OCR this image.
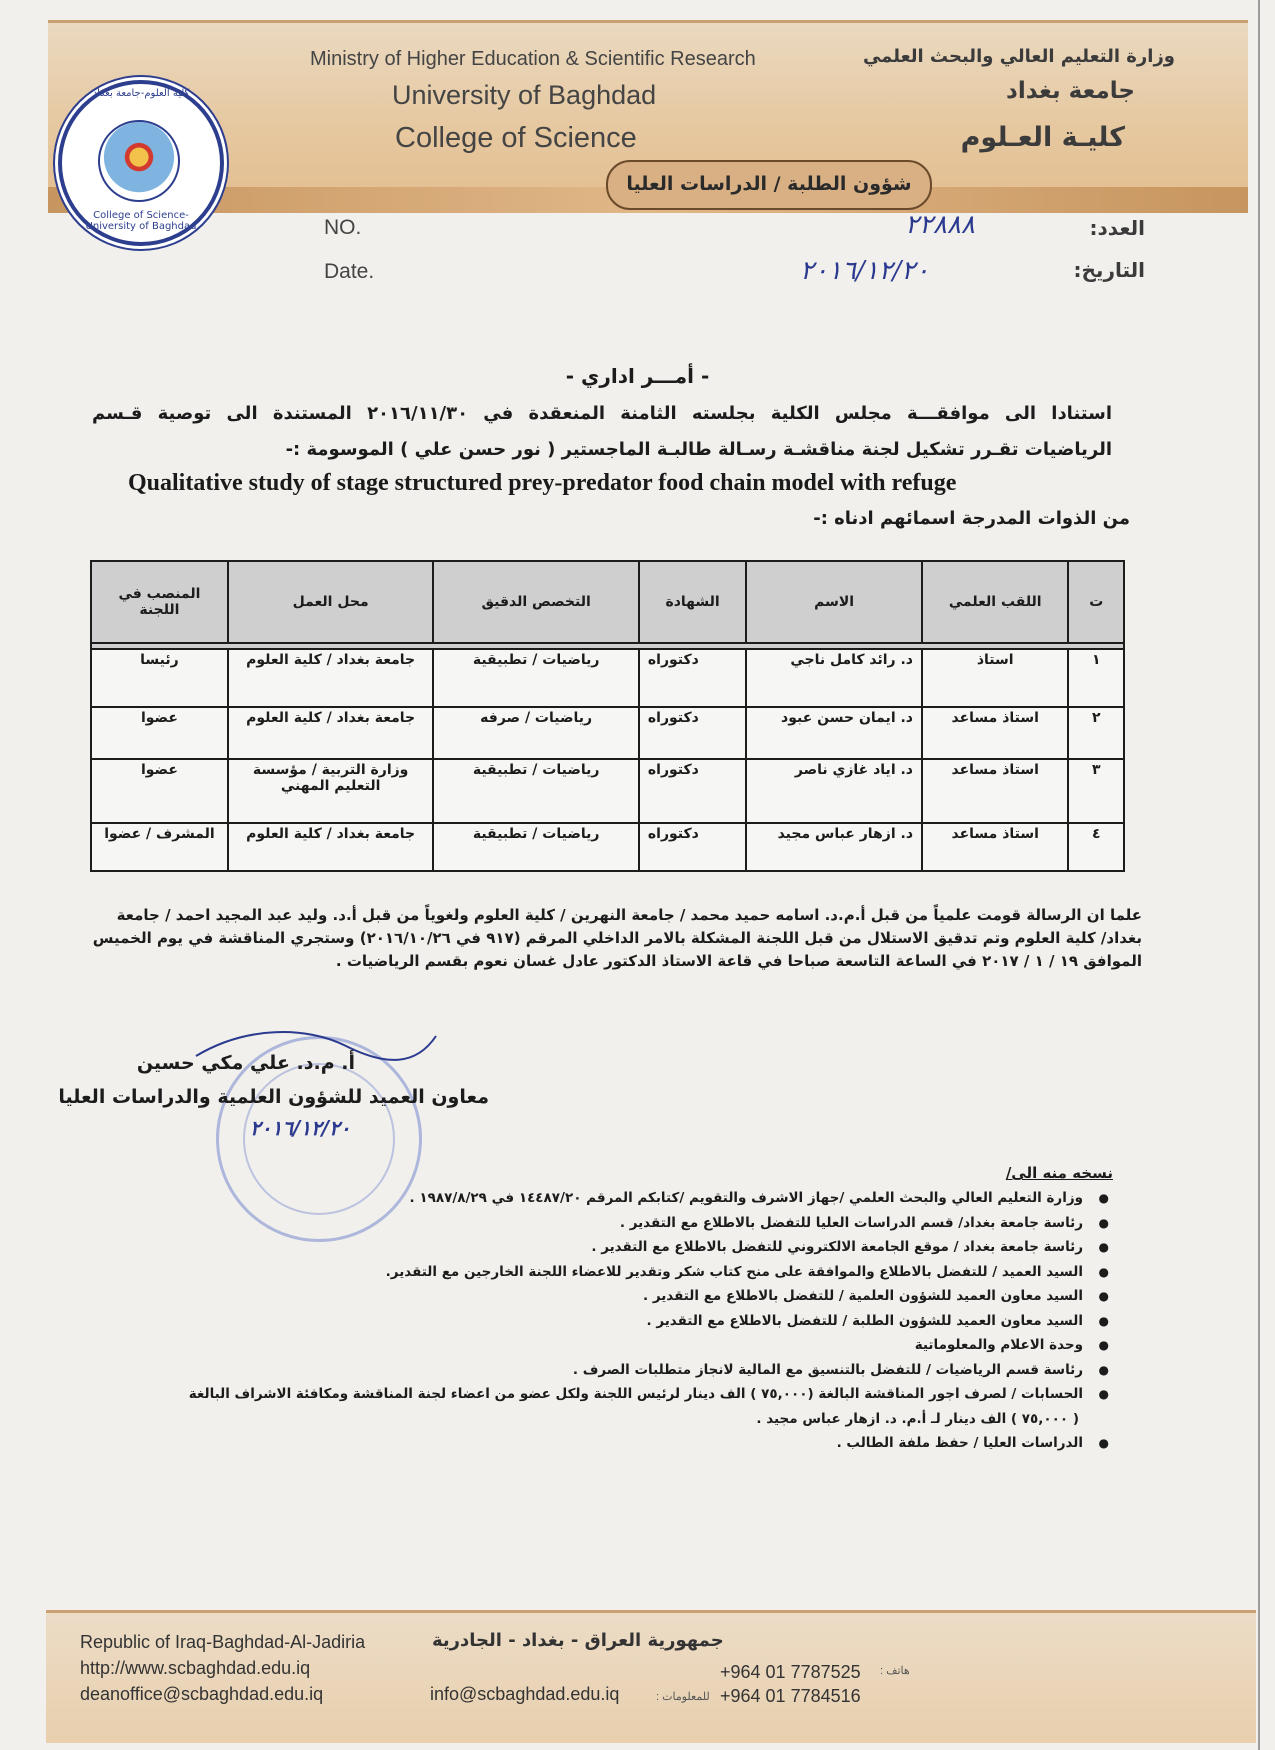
كلية العلوم-جامعة بغداد
College of Science-University of Baghdad
Ministry of Higher Education & Scientific Research
University of Baghdad
College of Science
وزارة التعليم العالي والبحث العلمي
جامعة بغداد
كليـة العـلوم
شؤون الطلبة / الدراسات العليا
NO.
Date.
العدد:
التاريخ:
٢٢٨٨٨
٢٠١٦/١٢/٢٠
- أمـــر اداري -
استنادا الى موافقـــة مجلس الكلية بجلسته الثامنة المنعقدة في ٢٠١٦/١١/٣٠ المستندة الى توصية قـسم
الرياضيات تقـرر تشكيل لجنة مناقشـة رسـالة طالبـة الماجستير ( نور حسن علي ) الموسومة :-
Qualitative study of stage structured prey-predator food chain model with refuge
من الذوات المدرجة اسمائهم ادناه :-
ت	اللقب العلمي	الاسم	الشهادة	التخصص الدقيق	محل العمل	المنصب في اللجنة

١	استاذ	د. رائد كامل ناجي	دكتوراه	رياضيات / تطبيقية	جامعة بغداد / كلية العلوم	رئيسا
٢	استاذ مساعد	د. ايمان حسن عبود	دكتوراه	رياضيات / صرفه	جامعة بغداد / كلية العلوم	عضوا
٣	استاذ مساعد	د. اياد غازي ناصر	دكتوراه	رياضيات / تطبيقية	وزارة التربية / مؤسسة التعليم المهني	عضوا
٤	استاذ مساعد	د. ازهار عباس مجيد	دكتوراه	رياضيات / تطبيقية	جامعة بغداد / كلية العلوم	المشرف / عضوا
علما ان الرسالة قومت علمياً من قبل أ.م.د. اسامه حميد محمد / جامعة النهرين / كلية العلوم ولغوياً من قبل أ.د. وليد عبد المجيد احمد / جامعة بغداد/ كلية العلوم وتم تدقيق الاستلال من قبل اللجنة المشكلة بالامر الداخلي المرقم (٩١٧ في ٢٠١٦/١٠/٢٦) وستجري المناقشة في يوم الخميس الموافق ١٩ / ١ / ٢٠١٧ في الساعة التاسعة صباحا في قاعة الاستاذ الدكتور عادل غسان نعوم بقسم الرياضيات .
أ. م.د. علي مكي حسين
معاون العميد للشؤون العلمية والدراسات العليا
٢٠١٦/١٢/٢٠
نسخه منه الى/
●
وزارة التعليم العالي والبحث العلمي /جهاز الاشرف والتقويم /كتابكم المرقم ١٤٤٨٧/٢٠ في ١٩٨٧/٨/٢٩ .
●
رئاسة جامعة بغداد/ قسم الدراسات العليا للتفضل بالاطلاع مع التقدير .
●
رئاسة جامعة بغداد / موقع الجامعة الالكتروني للتفضل بالاطلاع مع التقدير .
●
السيد العميد / للتفضل بالاطلاع والموافقة على منح كتاب شكر وتقدير للاعضاء اللجنة الخارجين مع التقدير.
●
السيد معاون العميد للشؤون العلمية / للتفضل بالاطلاع مع التقدير .
●
السيد معاون العميد للشؤون الطلبة / للتفضل بالاطلاع مع التقدير .
●
وحدة الاعلام والمعلوماتية
●
رئاسة قسم الرياضيات / للتفضل بالتنسيق مع المالية لانجاز متطلبات الصرف .
●
الحسابات / لصرف اجور المناقشة البالغة (٧٥,٠٠٠ ) الف دينار لرئيس اللجنة ولكل عضو من اعضاء لجنة المناقشة ومكافئة الاشراف البالغة
( ٧٥,٠٠٠ ) الف دينار لـ أ.م. د. ازهار عباس مجيد .
●
الدراسات العليا / حفظ ملفة الطالب .
Republic of Iraq-Baghdad-Al-Jadiria	جمهورية العراق - بغداد - الجادرية
http://www.scbaghdad.edu.iq
deanoffice@scbaghdad.edu.iq	info@scbaghdad.edu.iq	للمعلومات :
+964 01 7787525 هاتف :
+964 01 7784516
